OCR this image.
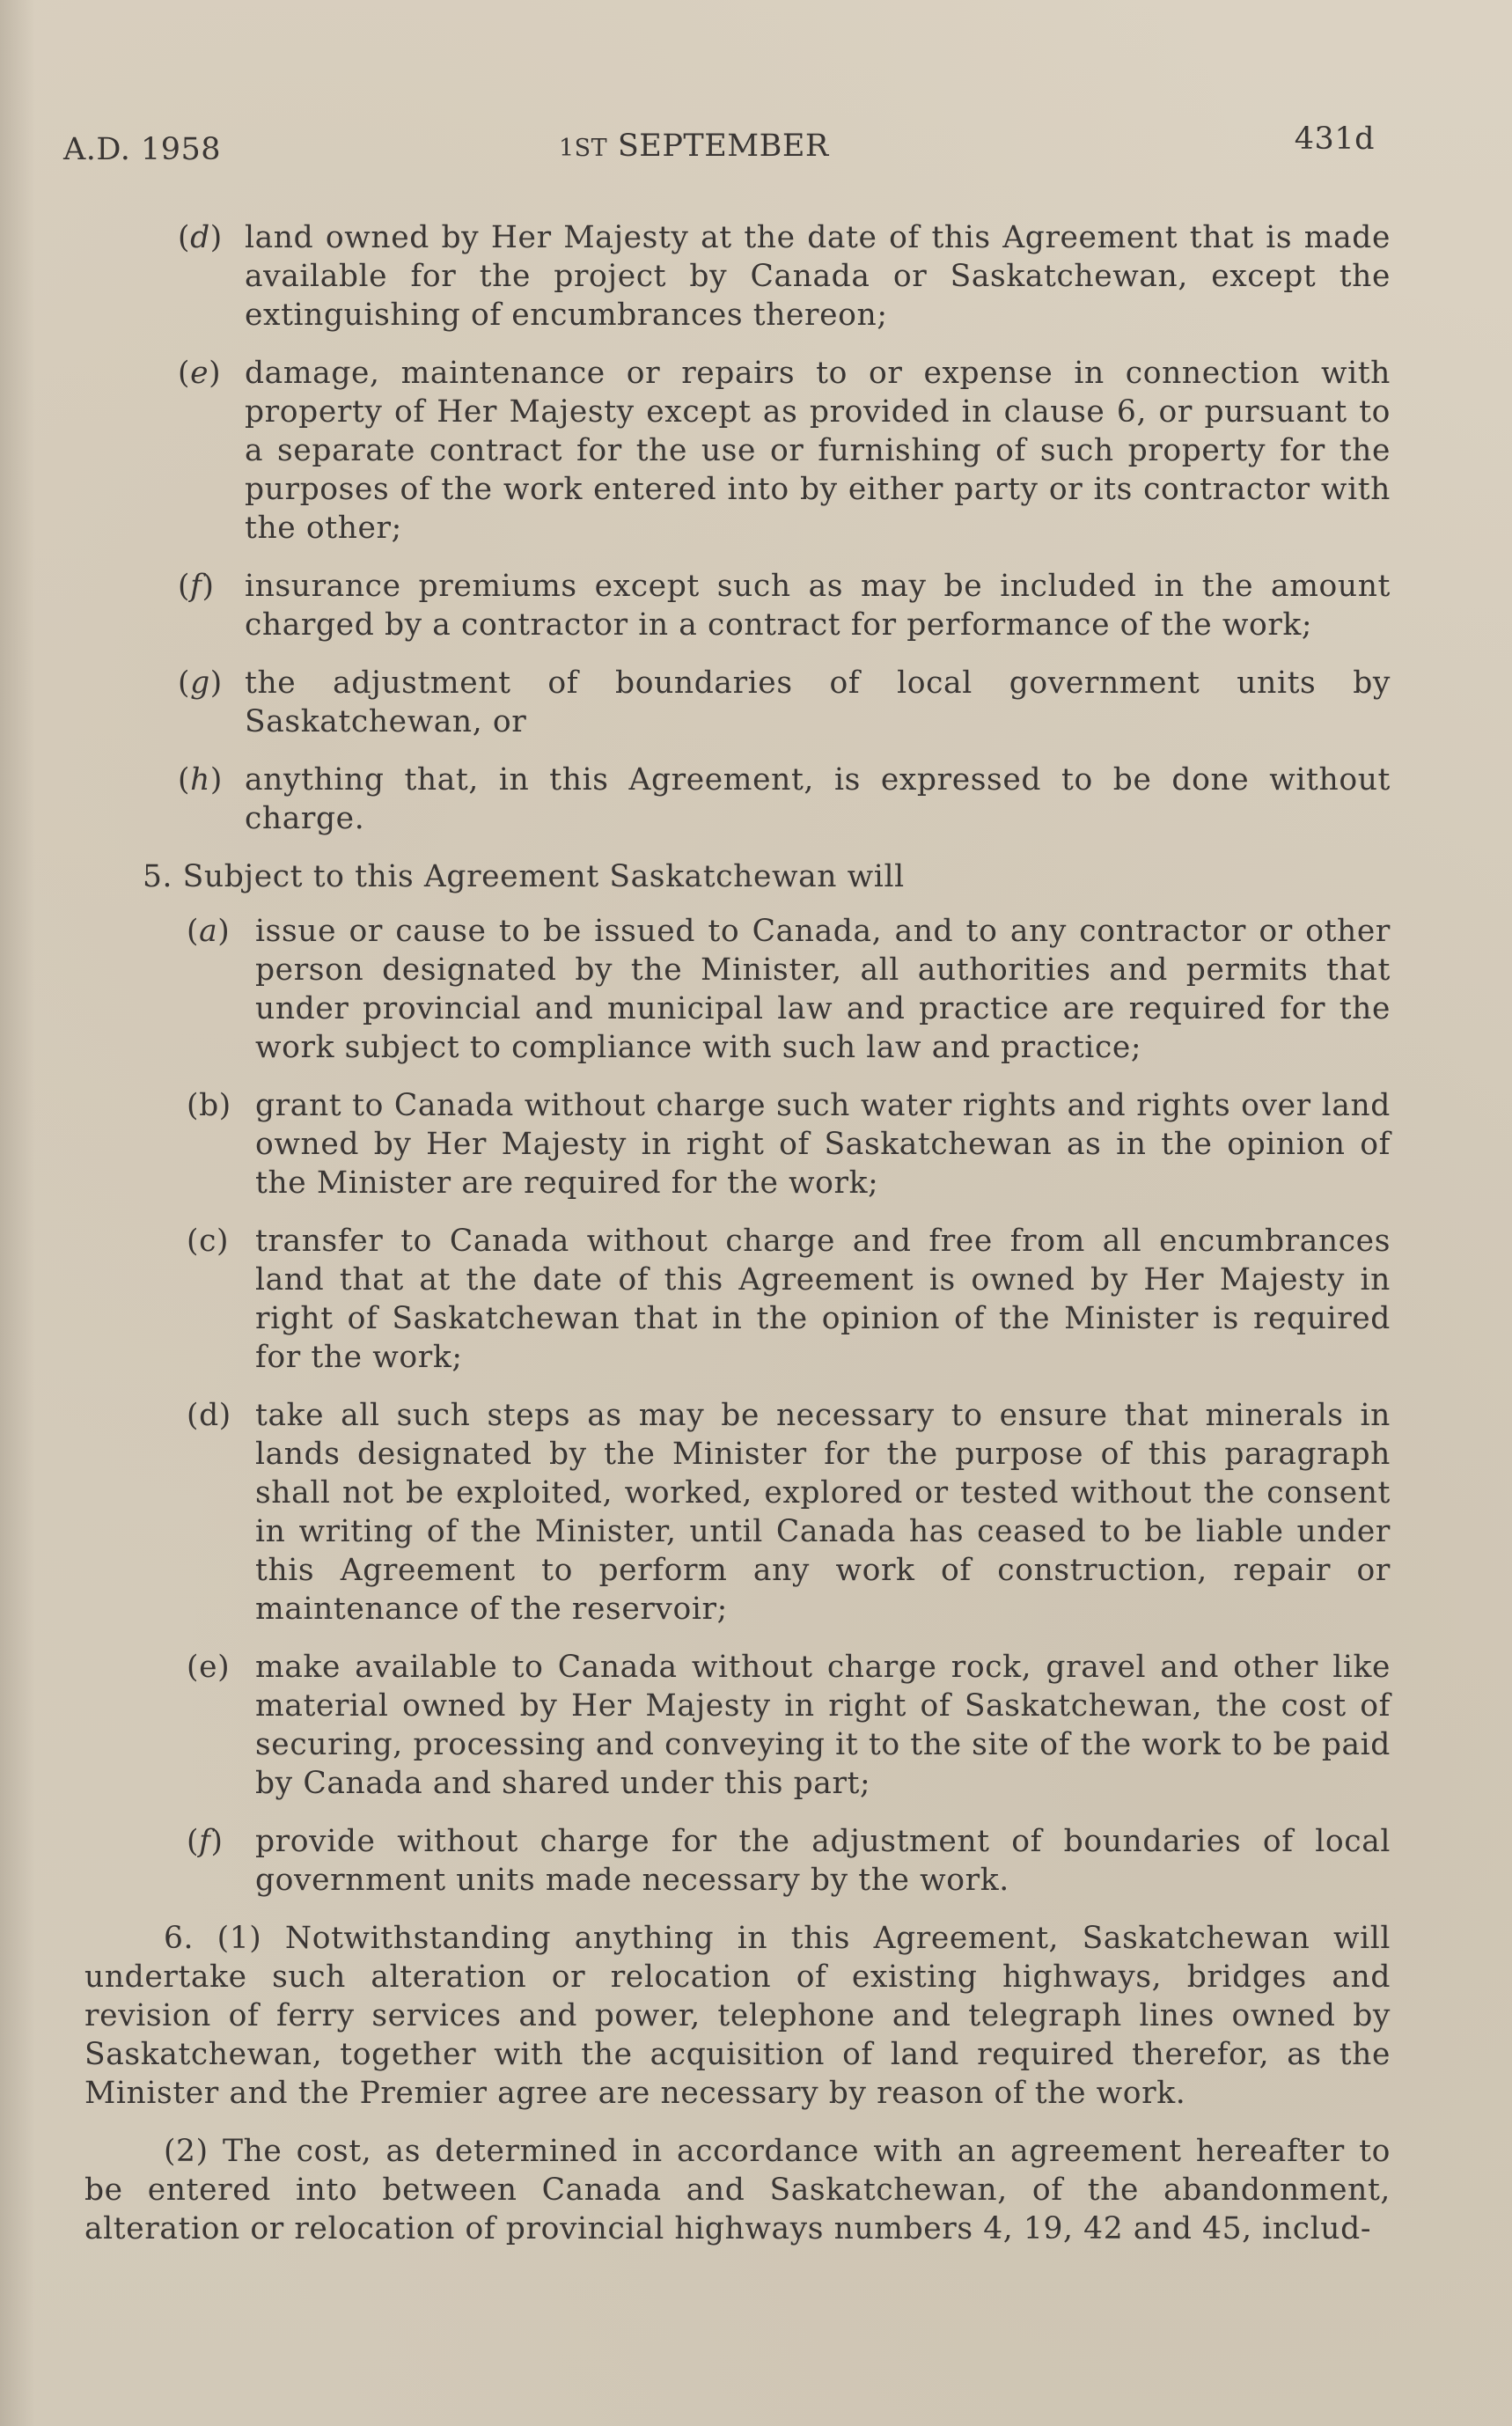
A.D. 1958	1ST SEPTEMBER	431d
(d) land owned by Her Majesty at the date of this Agreement that is made available for the project by Canada or Saskatchewan, except the extinguishing of encumbrances thereon;
(e) damage, maintenance or repairs to or expense in connection with property of Her Majesty except as provided in clause 6, or pursuant to a separate contract for the use or furnishing of such property for the purposes of the work entered into by either party or its contractor with the other;
(f)	insurance premiums except such as may be included in the amount charged by a contractor in a contract for performance of the work;
(g) the adjustment of boundaries of local government units by Saskatchewan, or
(h) anything that, in this Agreement, is expressed to be done without charge.
5. Subject to this Agreement Saskatchewan will
(a) issue or cause to be issued to Canada, and to any contractor or other person designated by the Minister, all authorities and permits that under provincial and municipal law and practice are required for the work subject to compliance with such law and practice;
(b) grant to Canada without charge such water rights and rights over land owned by Her Majesty in right of Saskatchewan as in the opinion of the Minister are required for the work;
(c) transfer to Canada without charge and free from all encumbrances land that at the date of this Agreement is owned by Her Majesty in right of Saskatchewan that in the opinion of the Minister is required for the work;
(d) take all such steps as may be necessary to ensure that minerals in lands designated by the Minister for the purpose of this paragraph shall not be exploited, worked, explored or tested without the consent in writing of the Minister, until Canada has ceased to be liable under this Agreement to perform any work of construction, repair or maintenance of the reservoir;
(e) make available to Canada without charge rock, gravel and other like material owned by Her Majesty in right of Saskatchewan, the cost of securing, processing and conveying it to the site of the work to be paid by Canada and shared under this part;
(f)	provide without charge for the adjustment of boundaries of local government units made necessary by the work.
6. (1) Notwithstanding anything in this Agreement, Saskatchewan will undertake such alteration or relocation of existing highways, bridges and revision of ferry services and power, telephone and telegraph lines owned by Saskatchewan, together with the acquisition of land required therefor, as the Minister and the Premier agree are necessary by reason of the work.
(2) The cost, as determined in accordance with an agreement hereafter to be entered into between Canada and Saskatchewan, of the abandonment, alteration or relocation of provincial highways numbers 4, 19, 42 and 45, includ-
